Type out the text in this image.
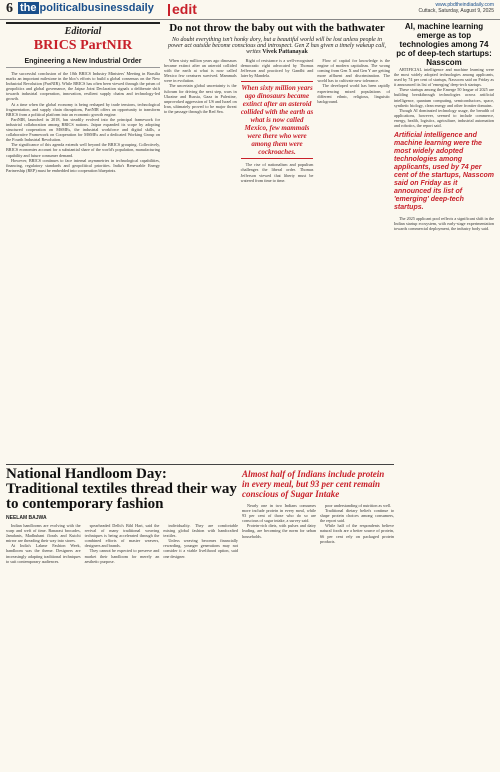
6 the politicalbusinessdaily edit	www.pbdtheindiadaily.com
Cuttack, Saturday, August 9, 2025
Editorial
BRICS PartNIR
Engineering a New Industrial Order

The successful conclusion of the 10th BRICS Industry Ministers' Meeting in Brasilia marks an important milestone in the bloc's efforts to build a global consensus on the New Industrial Revolution (PartNIR). While BRICS has often been viewed through the prism of geopolitics and global governance, the Jaipur Joint Declaration signals a deliberate shift towards industrial cooperation, innovation, resilient supply chains and technology-led growth.

At a time when the global economy is being reshaped by trade tensions, technological fragmentation, and supply chain disruptions, PartNIR offers an opportunity to transform BRICS from a political platform into an economic growth engine.

PartNIR, launched in 2018, has steadily evolved into the principal framework for industrial collaboration among BRICS nations. Jaipur expanded its scope by adopting structured cooperation on MSMEs, the industrial workforce and digital skills, a collaborative Framework on Cooperation for MSMEs and a dedicated Working Group on the Fourth Industrial Revolution.

The significance of this agenda extends well beyond the BRICS grouping. Collectively, BRICS economies account for a substantial share of the world's population, manufacturing capability and future consumer demand.

However, BRICS continues to face internal asymmetries in technological capabilities, financing, regulatory standards and geopolitical priorities. India's Renewable Energy Partnership (REP) must be embedded into cooperation blueprints.

Do not throw the baby out with the bathwater
No doubt everything isn't honky dory, but a beautiful world will be lost unless people in power act outside become conscious and introspect. Gen Z has given a timely wakeup call, writes Vivek Pattanayak

When sixty million years ago dinosaurs became extinct after an asteroid collided with the earth at what is now called Mexico few creatures survived. Mammals were in evolution.

The uncertain global uncertainty is the fulcrum for driving the next step, wars in Ukraine and Russia, Gaza in Palestine, unprovoked aggression of US and Israel on Iran, ultimately proved to be major threat to the passage through the Red Sea.

Right of resistance is a well-recognised democratic right advocated by Thomas Jefferson and practiced by Gandhi and later by Mandela.

When sixty million years ago dinosaurs became extinct after an asteroid collided with the earth as what is now called Mexico, few mammals were there who were among them were cockroaches.

The rise of nationalism and populism challenges the liberal order. Thomas Jefferson viewed that liberty must be watered from time to time.

Flow of capital for knowledge is the engine of modern capitalism. The wrong coming from Gen X and Gen Y are getting more affluent and discrimination. The world has to cultivate new tolerance.

The developed world has been rapidly experiencing mixed populations of different ethnic, religious, linguistic background.

AI, machine learning emerge as top technologies among 74 pc of deep-tech startups: Nasscom

ARTIFICIAL intelligence and machine learning were the most widely adopted technologies among applicants, used by 74 per cent of startups, Nasscom said on Friday as it announced its list of 'emerging' deep-tech startups.

These startups among the Emerge 50 league of 2025 are building breakthrough technologies across artificial intelligence, quantum computing, semiconductors, space, synthetic biology, clean energy and other frontier domains.

Though AI dominated technology usage, the breadth of applications, however, seemed to include commerce, energy, health, logistics, agriculture, industrial automation and robotics, the report said.

Artificial intelligence and machine learning were the most widely adopted technologies among applicants, used by 74 per cent of the startups, Nasscom said on Friday as it announced its list of 'emerging' deep-tech startups.

The 2025 applicant pool reflects a significant shift in the Indian startup ecosystem, with early-stage experimentation towards commercial deployment, the industry body said.

National Handloom Day: Traditional textiles thread their way to contemporary fashion
NEELAM BAJWA

Indian handlooms are evolving with the warp and weft of time. Banarasi brocades, Jamdanis, Madhubani florals and Kutchi mirror are threading their way into stores.

At India's Lakme Fashion Week, handloom was the theme. Designers are increasingly adapting traditional techniques to suit contemporary audiences.

spearheaded Delhi's Bihl Hari, said the revival of many traditional weaving techniques is being accelerated through the combined efforts of master weavers, designers and brands.

They cannot be expected to preserve and market their handloom for merely an aesthetic purpose.

individuality. They are comfortable mixing global fashion with handcrafted textiles.

Unless weaving becomes financially rewarding, younger generations may not consider it a viable livelihood option, said one designer.

Almost half of Indians include protein in every meal, but 93 per cent remain conscious of Sugar Intake

Nearly one in two Indians consumes more include protein in every meal, while 93 per cent of those who do so are conscious of sugar intake, a survey said.

Protein-rich diets, with pulses and dairy leading, are becoming the norm for urban households.

poor understanding of nutrition as well.

Traditional dietary beliefs continue to shape protein choices among consumers, the report said.

While half of the respondents believe natural foods are a better source of protein, 66 per cent rely on packaged protein products.
